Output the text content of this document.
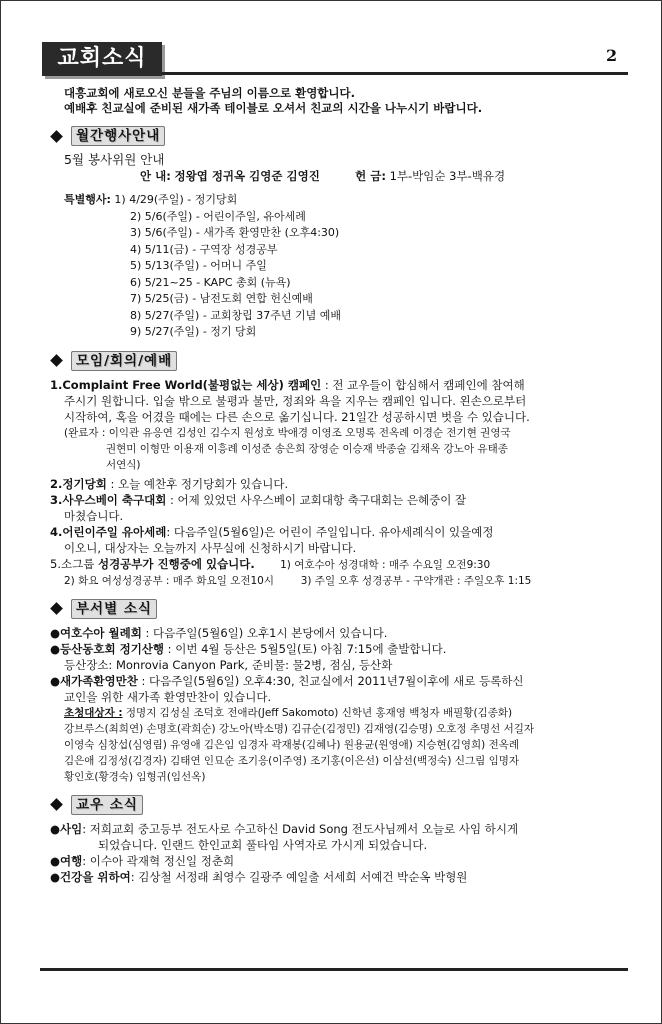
교회소식	2
대흥교회에 새로오신 분들을 주님의 이름으로 환영합니다.
예배후 친교실에 준비된 새가족 테이블로 오셔서 친교의 시간을 나누시기 바랍니다.
월간행사안내
5월 봉사위원 안내
안 내: 정왕엽 정귀옥 김영준 김영진	헌 금: 1부-박임순 3부-백유경
특별행사: 1) 4/29(주일) - 정기당회
2) 5/6(주일) - 어린이주일, 유아세례
3) 5/6(주일) - 새가족 환영만찬 (오후4:30)
4) 5/11(금) - 구역장 성경공부
5) 5/13(주일) - 어머니 주일
6) 5/21~25 - KAPC 총회 (뉴욕)
7) 5/25(금) - 남전도회 연합 헌신예배
8) 5/27(주일) - 교회창립 37주년 기념 예배
9) 5/27(주일) - 정기 당회
모임/회의/예배
1.Complaint Free World(불평없는 세상) 캠페인 : 전 교우들이 합심해서 캠페인에 참여해
주시기 원합니다. 입술 밖으로 불평과 불만, 정죄와 욕을 지우는 캠페인 입니다. 왼손으로부터
시작하여, 혹을 어겼을 때에는 다른 손으로 옮기십니다. 21일간 성공하시면 벗을 수 있습니다.
(완료자 : 이익관 유응연 김성인 김수지 원성호 박애경 이영조 오명록 전옥례 이경순 전기현 권영국
권현미 이형만 이용재 이흥례 이성준 송은희 장영순 이승재 박종술 김채옥 강노아 유태종
서연식)
2.정기당회 : 오늘 예찬후 정기당회가 있습니다.
3.사우스베이 축구대회 : 어제 있었던 사우스베이 교회대항 축구대회는 은혜중이 잘
마쳤습니다.
4.어린이주일 유아세례: 다음주일(5월6일)은 어린이 주일입니다. 유아세례식이 있을예정
이오니, 대상자는 오늘까지 사무실에 신청하시기 바랍니다.
5.소그룹 성경공부가 진행중에 있습니다. 1) 여호수아 성경대학 : 매주 수요일 오전9:30
2) 화요 여성성경공부 : 매주 화요일 오전10시	3) 주일 오후 성경공부 - 구약개관 : 주일오후 1:15
부서별 소식
●여호수아 월례회 : 다음주일(5월6일) 오후1시 본당에서 있습니다.
●등산동호회 정기산행 : 이번 4월 등산은 5월5일(토) 아침 7:15에 출발합니다.
등산장소: Monrovia Canyon Park, 준비물: 물2병, 점심, 등산화
●새가족환영만찬 : 다음주일(5월6일) 오후4:30, 친교실에서 2011년7월이후에 새로 등록하신
교인을 위한 새가족 환영만찬이 있습니다.
초청대상자 : 정명지 김성실 조덕호 전애라(Jeff Sakomoto) 신학년 홍재영 백청자 배필황(김종화)
강브루스(최희연) 손명호(곽희순) 강노아(박소명) 김규순(김정민) 김재영(김승명) 오호정 추명선 서길자
이영숙 심창섭(심영림) 유영애 김은임 임경자 곽재봉(김혜나) 원용균(원영애) 지승현(김영희) 전옥례
김은애 김정성(김경자) 김태연 인묘순 조기응(이주영) 조기홍(이은선) 이삼선(백정숙) 신그림 임명자
황인호(황경숙) 임형귀(임선옥)
교우 소식
●사임: 저희교회 중고등부 전도사로 수고하신 David Song 전도사님께서 오늘로 사임 하시게
되었습니다. 인랜드 한인교회 풀타임 사역자로 가시게 되었습니다.
●여행: 이수아 곽재혁 정신일 정춘희
●건강을 위하여: 김상철 서정래 최영수 길광주 예일출 서세희 서예건 박순옥 박형원
